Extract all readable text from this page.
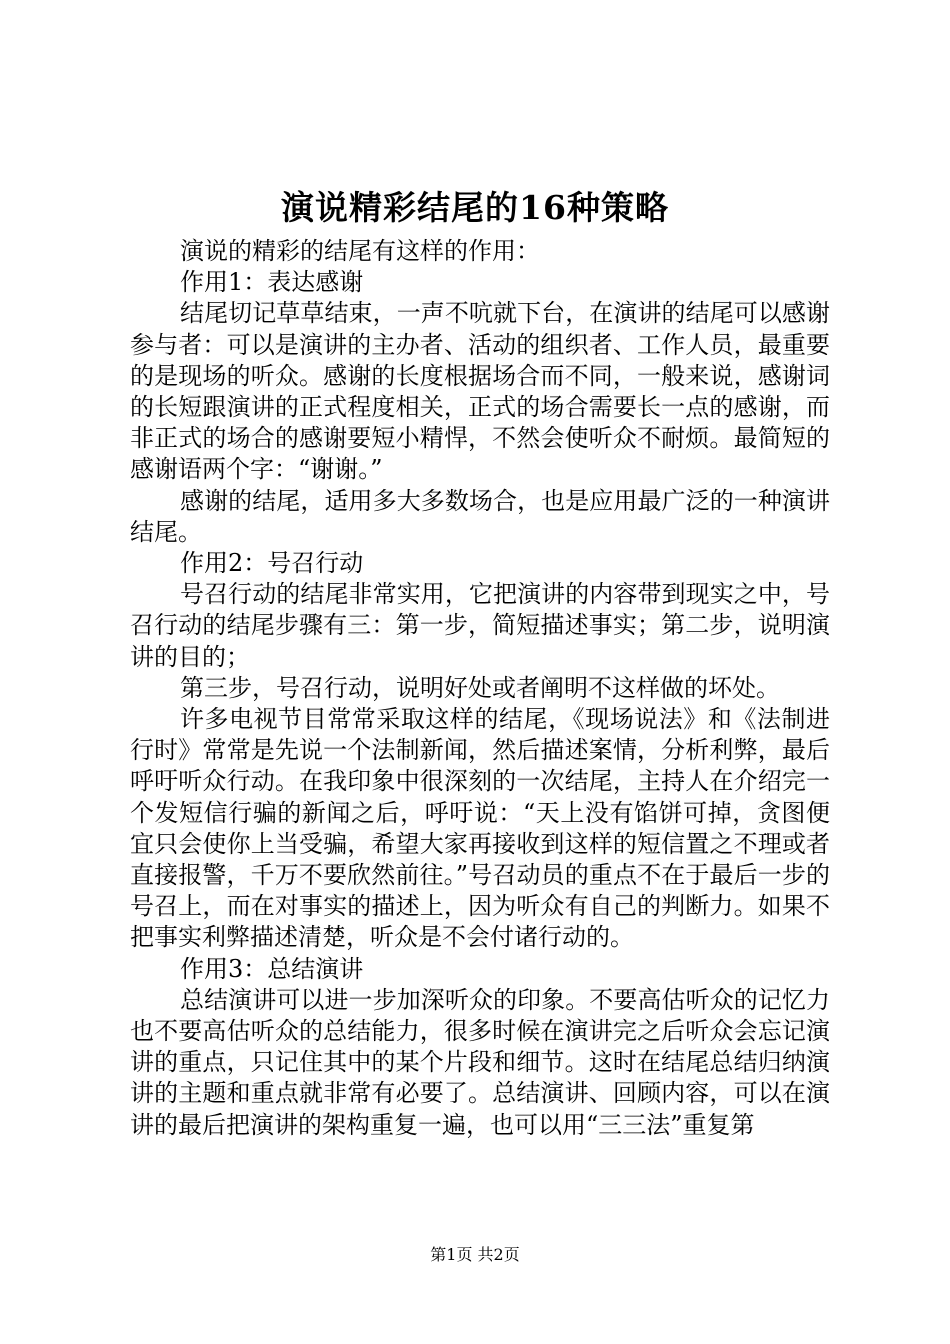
演说精彩结尾的16种策略

演说的精彩的结尾有这样的作用：

作用1：表达感谢

结尾切记草草结束，一声不吭就下台，在演讲的结尾可以感谢参与者：可以是演讲的主办者、活动的组织者、工作人员，最重要的是现场的听众。感谢的长度根据场合而不同，一般来说，感谢词的长短跟演讲的正式程度相关，正式的场合需要长一点的感谢，而非正式的场合的感谢要短小精悍，不然会使听众不耐烦。最简短的感谢语两个字：“谢谢。”

感谢的结尾，适用多大多数场合，也是应用最广泛的一种演讲结尾。

作用2：号召行动

号召行动的结尾非常实用，它把演讲的内容带到现实之中，号召行动的结尾步骤有三：第一步，简短描述事实；第二步，说明演讲的目的；

第三步，号召行动，说明好处或者阐明不这样做的坏处。

许多电视节目常常采取这样的结尾，《现场说法》和《法制进行时》常常是先说一个法制新闻，然后描述案情，分析利弊，最后呼吁听众行动。在我印象中很深刻的一次结尾，主持人在介绍完一个发短信行骗的新闻之后，呼吁说：“天上没有馅饼可掉，贪图便宜只会使你上当受骗，希望大家再接收到这样的短信置之不理或者直接报警，千万不要欣然前往。”号召动员的重点不在于最后一步的号召上，而在对事实的描述上，因为听众有自己的判断力。如果不把事实利弊描述清楚，听众是不会付诸行动的。

作用3：总结演讲

总结演讲可以进一步加深听众的印象。不要高估听众的记忆力也不要高估听众的总结能力，很多时候在演讲完之后听众会忘记演讲的重点，只记住其中的某个片段和细节。这时在结尾总结归纳演讲的主题和重点就非常有必要了。总结演讲、回顾内容，可以在演讲的最后把演讲的架构重复一遍，也可以用“三三法”重复第

第1页 共2页
